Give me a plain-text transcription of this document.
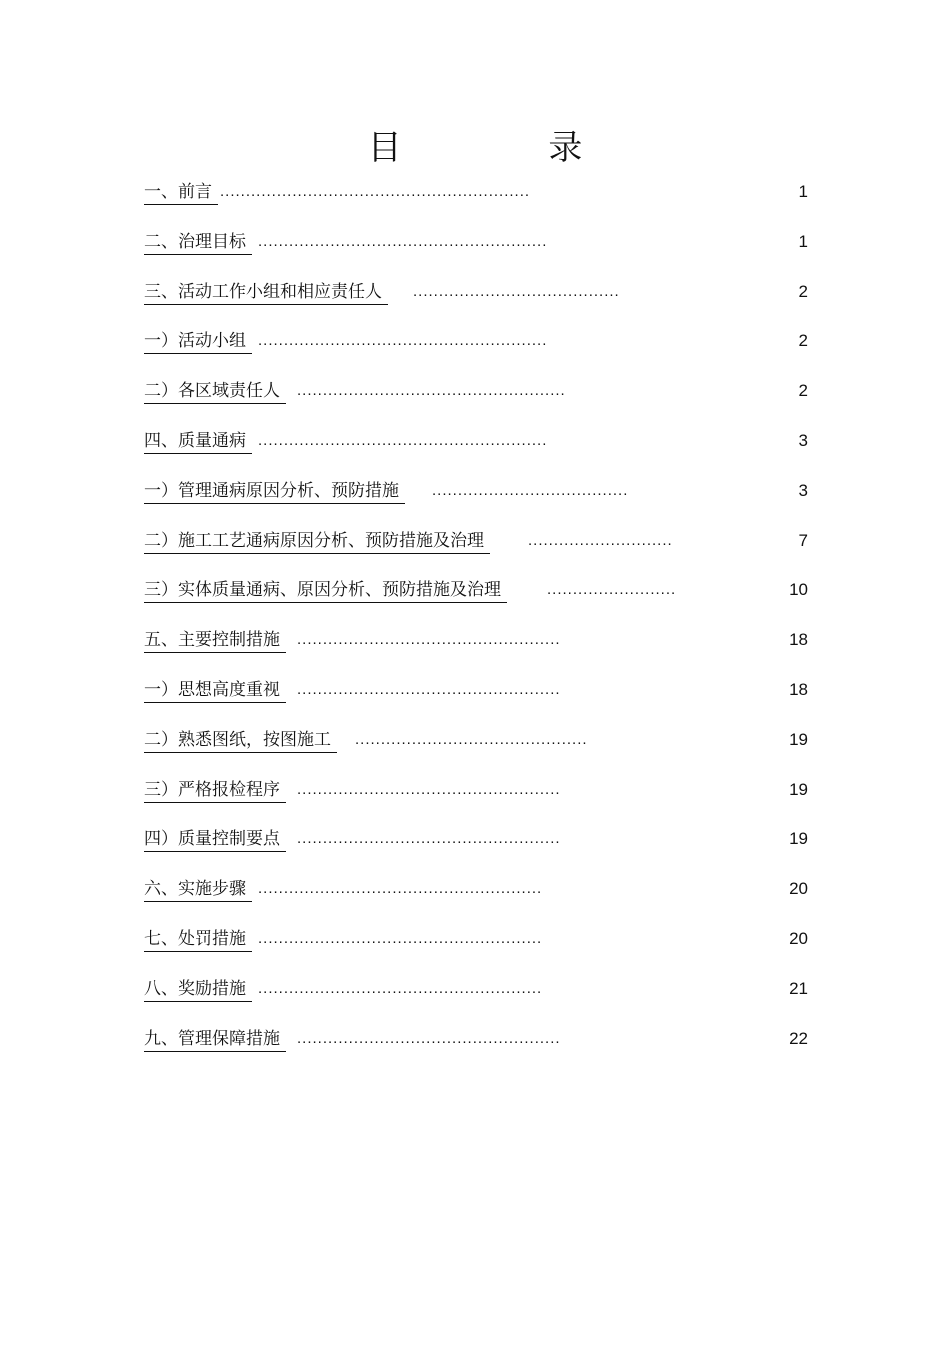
目 录
一、前言 ............................................................	1
二、治理目标 ........................................................	1
三、活动工作小组和相应责任人	........................................	2
一）活动小组 ........................................................	2
二）各区域责任人	....................................................	2
四、质量通病 ........................................................	3
一）管理通病原因分析、预防措施	......................................	3
二）施工工艺通病原因分析、预防措施及治理	............................	7
三）实体质量通病、原因分析、预防措施及治理	.........................	10
五、主要控制措施	...................................................	18
一）思想高度重视	...................................................	18
二）熟悉图纸，按图施工	.............................................	19
三）严格报检程序	...................................................	19
四）质量控制要点	...................................................	19
六、实施步骤 .......................................................	20
七、处罚措施 .......................................................	20
八、奖励措施 .......................................................	21
九、管理保障措施	...................................................	22
